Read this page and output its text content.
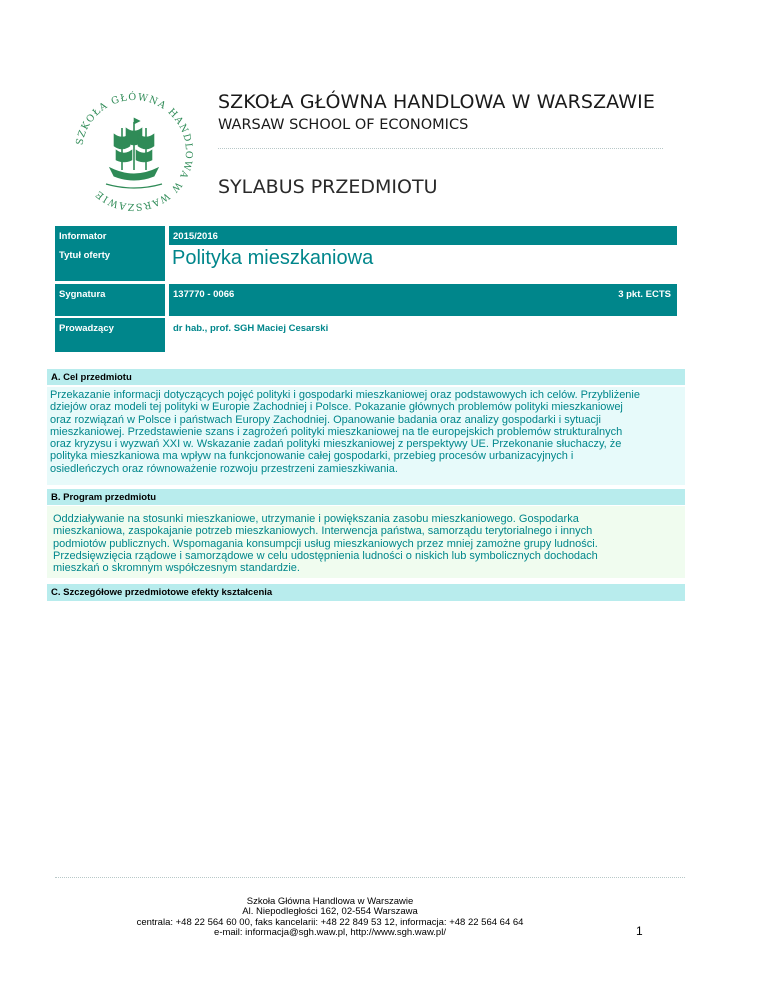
SZKOŁA GŁÓWNA HANDLOWA W WARSZAWIE
SZKOŁA GŁÓWNA HANDLOWA W WARSZAWIE
WARSAW SCHOOL OF ECONOMICS
SYLABUS PRZEDMIOTU
Informator	2015/2016
Tytuł oferty	Polityka mieszkaniowa
Sygnatura	137770 - 0066	3 pkt. ECTS
Prowadzący	dr hab., prof. SGH Maciej Cesarski
A. Cel przedmiotu
Przekazanie informacji dotyczących pojęć polityki i gospodarki mieszkaniowej oraz podstawowych ich celów. Przybliżenie
dziejów oraz modeli tej polityki w Europie Zachodniej i Polsce. Pokazanie głównych problemów polityki mieszkaniowej
oraz rozwiązań w Polsce i państwach Europy Zachodniej. Opanowanie badania oraz analizy gospodarki i sytuacji
mieszkaniowej. Przedstawienie szans i zagrożeń polityki mieszkaniowej na tle europejskich problemów strukturalnych
oraz kryzysu i wyzwań XXI w. Wskazanie zadań polityki mieszkaniowej z perspektywy UE. Przekonanie słuchaczy, że
polityka mieszkaniowa ma wpływ na funkcjonowanie całej gospodarki, przebieg procesów urbanizacyjnych i
osiedleńczych oraz równoważenie rozwoju przestrzeni zamieszkiwania.
B. Program przedmiotu
Oddziaływanie na stosunki mieszkaniowe, utrzymanie i powiększania zasobu mieszkaniowego. Gospodarka
mieszkaniowa, zaspokajanie potrzeb mieszkaniowych. Interwencja państwa, samorządu terytorialnego i innych
podmiotów publicznych. Wspomagania konsumpcji usług mieszkaniowych przez mniej zamożne grupy ludności.
Przedsięwzięcia rządowe i samorządowe w celu udostępnienia ludności o niskich lub symbolicznych dochodach
mieszkań o skromnym współczesnym standardzie.
C. Szczegółowe przedmiotowe efekty kształcenia
Szkoła Główna Handlowa w Warszawie
Al. Niepodległości 162, 02-554 Warszawa
centrala: +48 22 564 60 00, faks kancelarii: +48 22 849 53 12, informacja: +48 22 564 64 64
e-mail: informacja@sgh.waw.pl, http://www.sgh.waw.pl/	1
